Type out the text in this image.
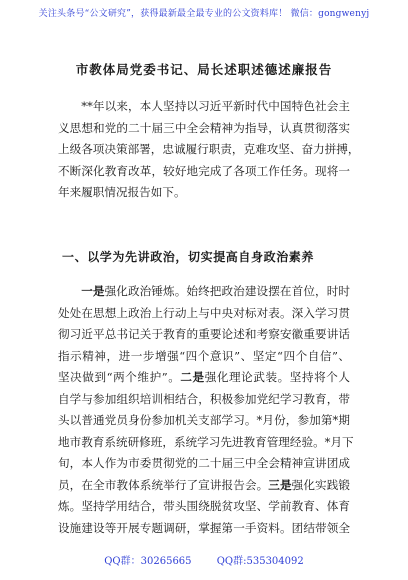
关注头条号“公文研究”，获得最新最全最专业的公文资料库！ 微信：gongwenyj
市教体局党委书记、局长述职述德述廉报告
**年以来，本人坚持以习近平新时代中国特色社会主
义思想和党的二十届三中全会精神为指导，认真贯彻落实
上级各项决策部署，忠诚履行职责，克难攻坚、奋力拼搏，
不断深化教育改革，较好地完成了各项工作任务。现将一
年来履职情况报告如下。
一、以学为先讲政治，切实提高自身政治素养
一是强化政治锤炼。始终把政治建设摆在首位，时时
处处在思想上政治上行动上与中央对标对表。深入学习贯
彻习近平总书记关于教育的重要论述和考察安徽重要讲话
指示精神，进一步增强“四个意识”、坚定“四个自信”、
坚决做到“两个维护”。二是强化理论武装。坚持将个人
自学与参加组织培训相结合，积极参加党纪学习教育，带
头以普通党员身份参加机关支部学习。*月份，参加第*期
地市教育系统研修班，系统学习先进教育管理经验。*月下
旬，本人作为市委贯彻党的二十届三中全会精神宣讲团成
员，在全市教体系统举行了宣讲报告会。三是强化实践锻
炼。坚持学用结合，带头围绕脱贫攻坚、学前教育、体育
设施建设等开展专题调研，掌握第一手资料。团结带领全
QQ群：30265665	QQ群:535304092
